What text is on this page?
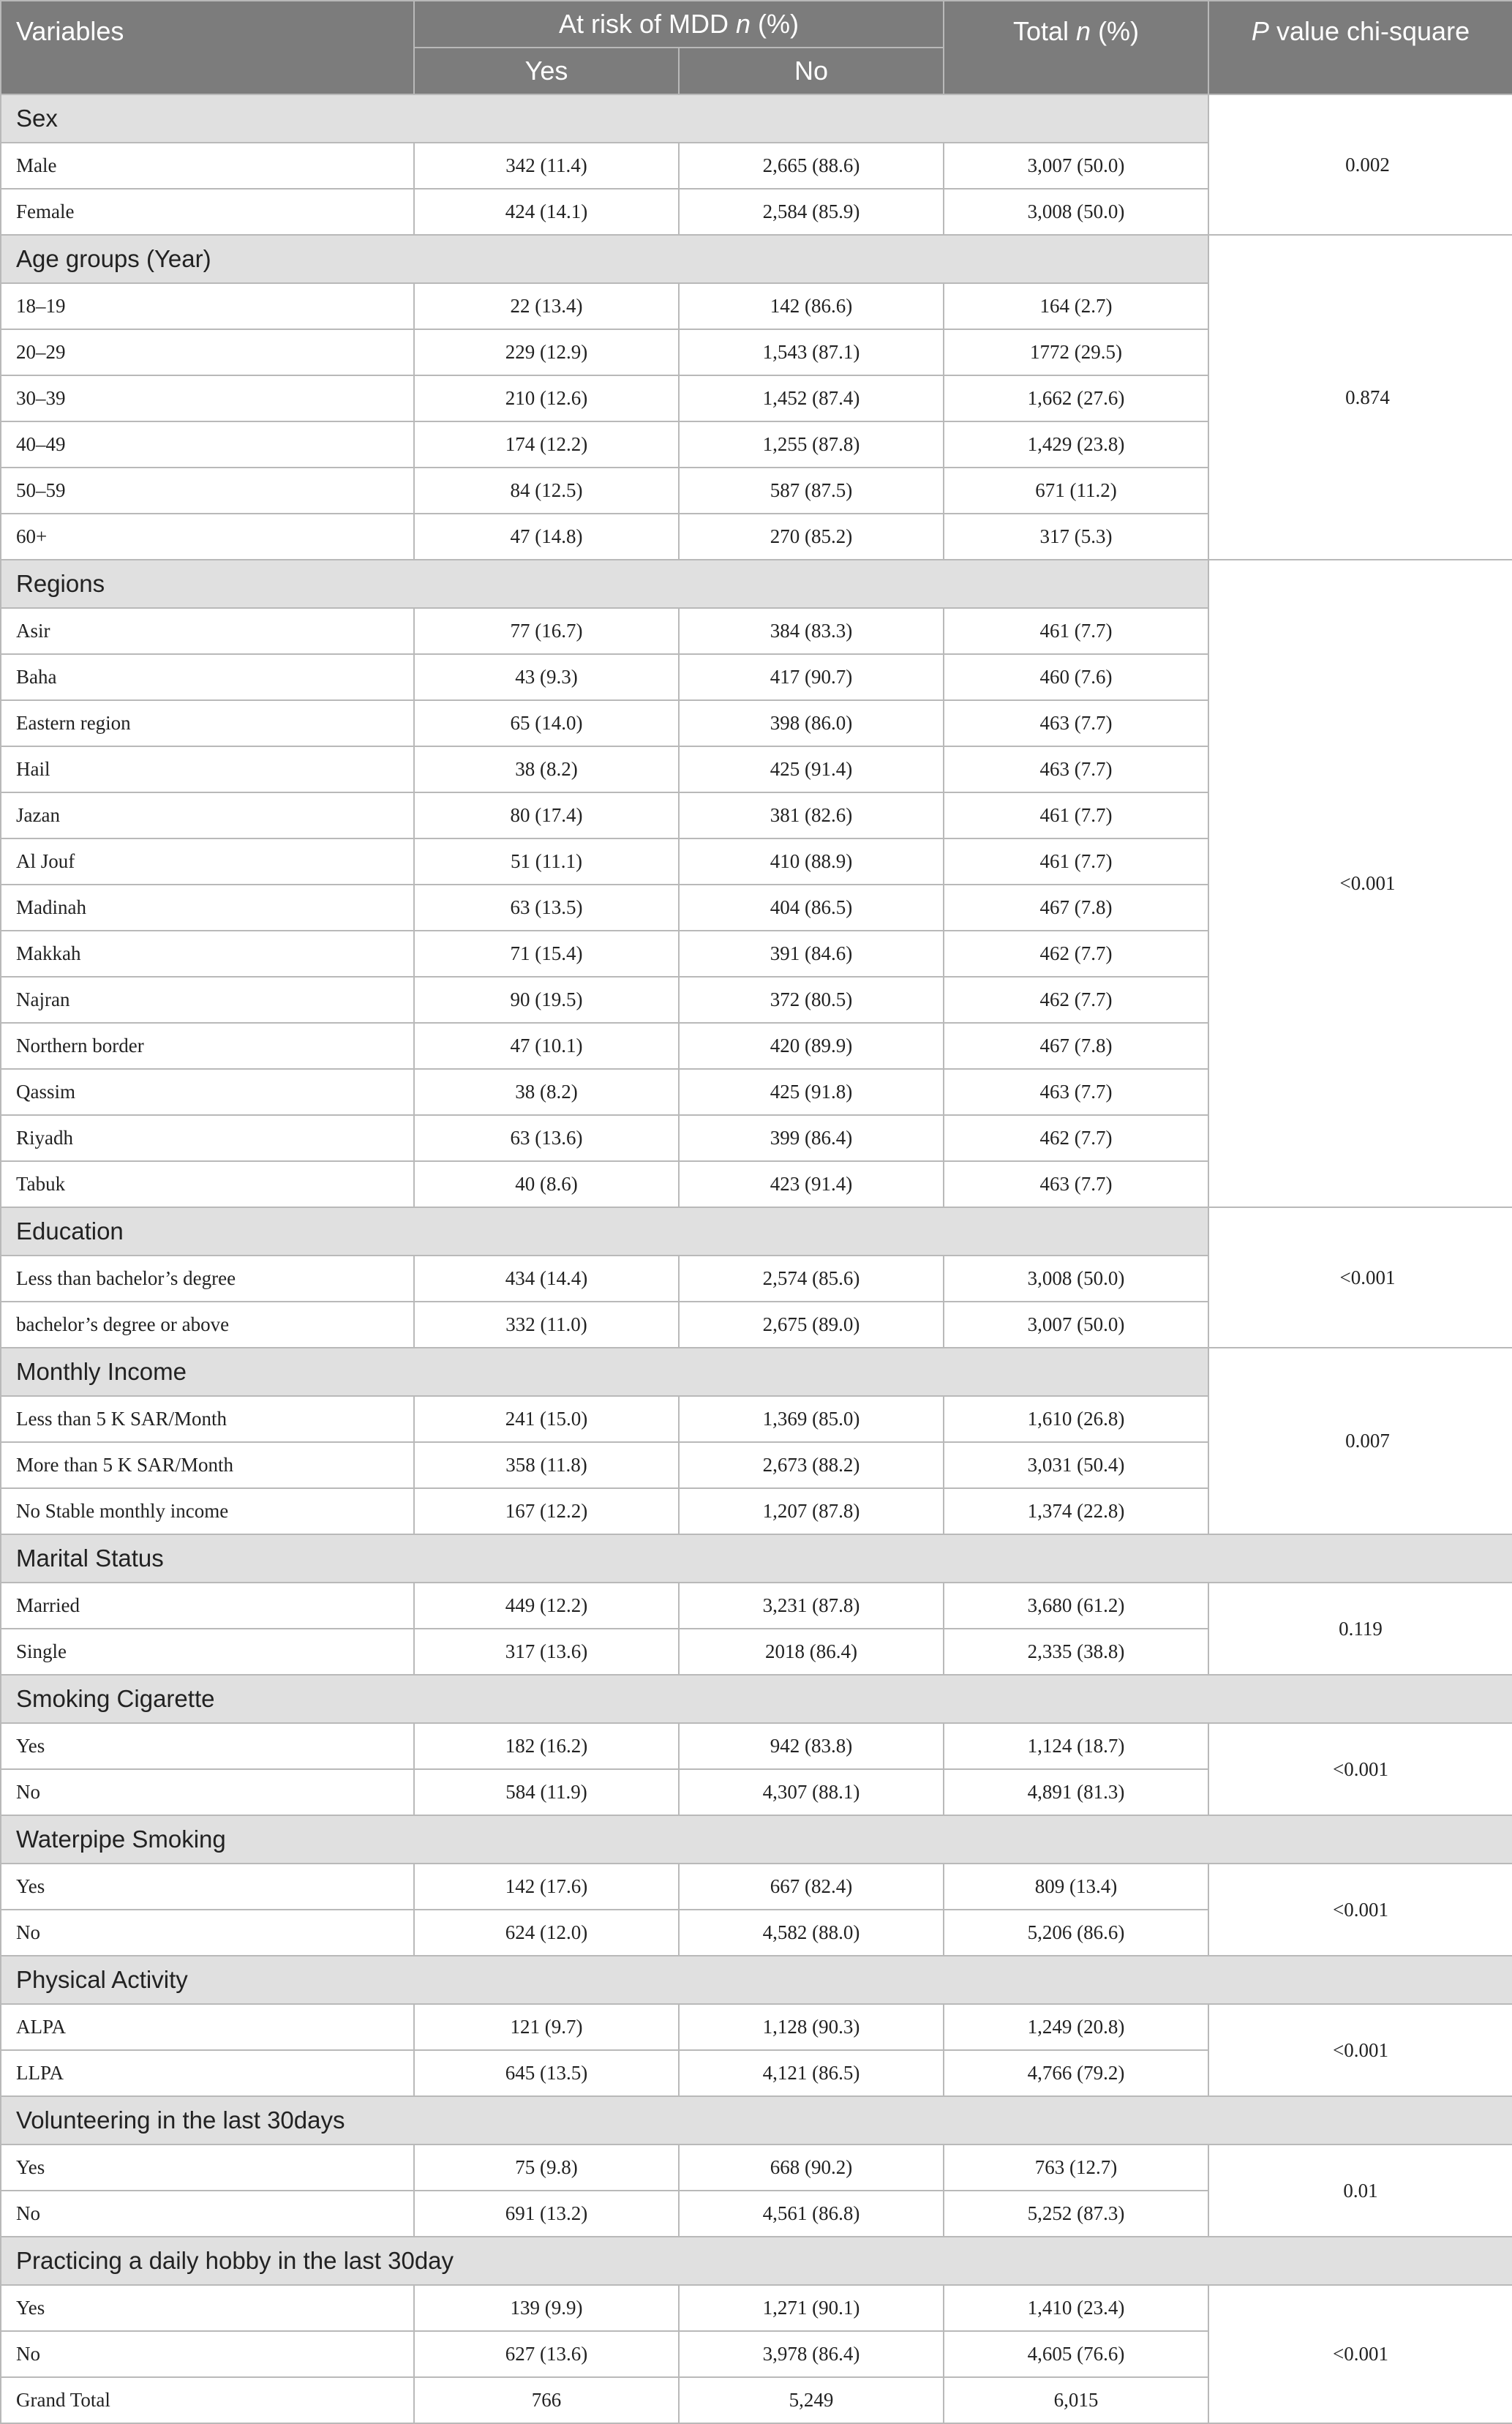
Variables	At risk of MDD n (%)		Total n (%)	P value chi-square
	Yes	No		
Sex				0.002
Male	342 (11.4)	2,665 (88.6)	3,007 (50.0)	
Female	424 (14.1)	2,584 (85.9)	3,008 (50.0)	
Age groups (Year)				0.874
18–19	22 (13.4)	142 (86.6)	164 (2.7)	
20–29	229 (12.9)	1,543 (87.1)	1772 (29.5)	
30–39	210 (12.6)	1,452 (87.4)	1,662 (27.6)	
40–49	174 (12.2)	1,255 (87.8)	1,429 (23.8)	
50–59	84 (12.5)	587 (87.5)	671 (11.2)	
60+	47 (14.8)	270 (85.2)	317 (5.3)	
Regions				<0.001
Asir	77 (16.7)	384 (83.3)	461 (7.7)	
Baha	43 (9.3)	417 (90.7)	460 (7.6)	
Eastern region	65 (14.0)	398 (86.0)	463 (7.7)	
Hail	38 (8.2)	425 (91.4)	463 (7.7)	
Jazan	80 (17.4)	381 (82.6)	461 (7.7)	
Al Jouf	51 (11.1)	410 (88.9)	461 (7.7)	
Madinah	63 (13.5)	404 (86.5)	467 (7.8)	
Makkah	71 (15.4)	391 (84.6)	462 (7.7)	
Najran	90 (19.5)	372 (80.5)	462 (7.7)	
Northern border	47 (10.1)	420 (89.9)	467 (7.8)	
Qassim	38 (8.2)	425 (91.8)	463 (7.7)	
Riyadh	63 (13.6)	399 (86.4)	462 (7.7)	
Tabuk	40 (8.6)	423 (91.4)	463 (7.7)	
Education				<0.001
Less than bachelor’s degree	434 (14.4)	2,574 (85.6)	3,008 (50.0)	
bachelor’s degree or above	332 (11.0)	2,675 (89.0)	3,007 (50.0)	
Monthly Income				0.007
Less than 5 K SAR/Month	241 (15.0)	1,369 (85.0)	1,610 (26.8)	
More than 5 K SAR/Month	358 (11.8)	2,673 (88.2)	3,031 (50.4)	
No Stable monthly income	167 (12.2)	1,207 (87.8)	1,374 (22.8)	
Marital Status				
Married	449 (12.2)	3,231 (87.8)	3,680 (61.2)	0.119
Single	317 (13.6)	2018 (86.4)	2,335 (38.8)	
Smoking Cigarette				
Yes	182 (16.2)	942 (83.8)	1,124 (18.7)	<0.001
No	584 (11.9)	4,307 (88.1)	4,891 (81.3)	
Waterpipe Smoking				
Yes	142 (17.6)	667 (82.4)	809 (13.4)	<0.001
No	624 (12.0)	4,582 (88.0)	5,206 (86.6)	
Physical Activity				
ALPA	121 (9.7)	1,128 (90.3)	1,249 (20.8)	<0.001
LLPA	645 (13.5)	4,121 (86.5)	4,766 (79.2)	
Volunteering in the last 30days				
Yes	75 (9.8)	668 (90.2)	763 (12.7)	0.01
No	691 (13.2)	4,561 (86.8)	5,252 (87.3)	
Practicing a daily hobby in the last 30day				
Yes	139 (9.9)	1,271 (90.1)	1,410 (23.4)	<0.001
No	627 (13.6)	3,978 (86.4)	4,605 (76.6)	
Grand Total	766	5,249	6,015	
